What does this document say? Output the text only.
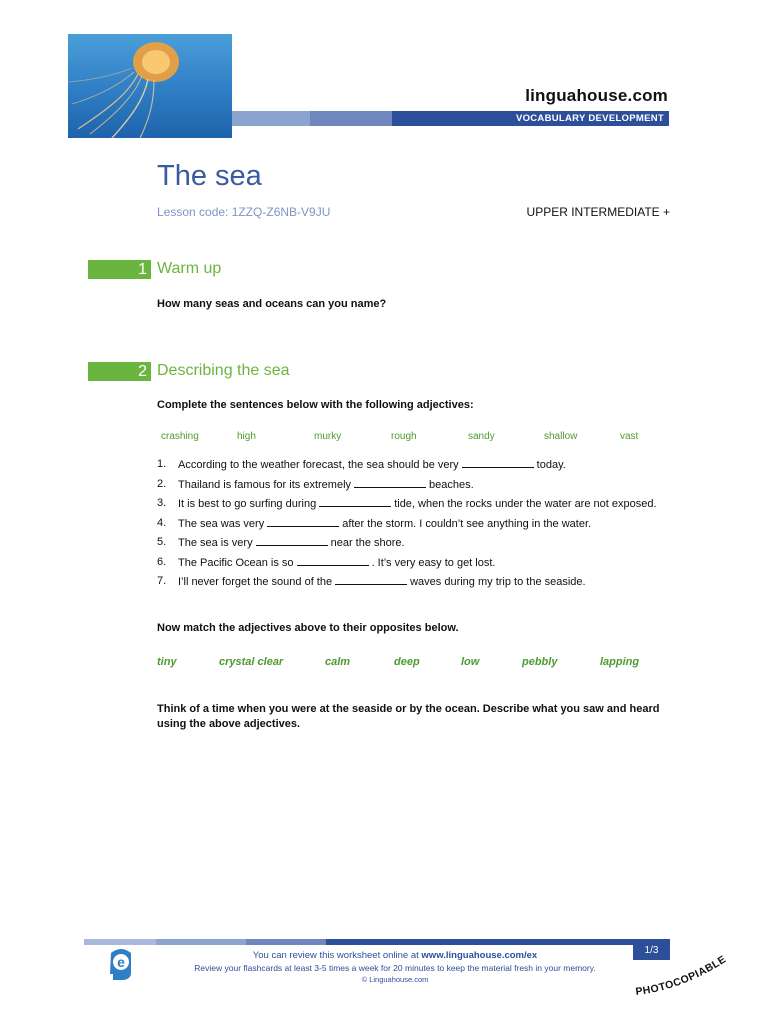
linguahouse.com
VOCABULARY DEVELOPMENT
The sea
Lesson code: 1ZZQ-Z6NB-V9JU	UPPER INTERMEDIATE +
1 Warm up
How many seas and oceans can you name?
2 Describing the sea
Complete the sentences below with the following adjectives:
crashing	high	murky	rough	sandy	shallow	vast
1.	According to the weather forecast, the sea should be very	today.
2.	Thailand is famous for its extremely	beaches.
3.	It is best to go surfing during	tide, when the rocks under the water are not exposed.
4.	The sea was very	after the storm. I couldn’t see anything in the water.
5.	The sea is very	near the shore.
6.	The Pacific Ocean is so	. It’s very easy to get lost.
7.	I’ll never forget the sound of the	waves during my trip to the seaside.
Now match the adjectives above to their opposites below.
tiny	crystal clear	calm	deep	low	pebbly	lapping
Think of a time when you were at the seaside or by the ocean. Describe what you saw and heard using the above adjectives.
e	You can review this worksheet online at www.linguahouse.com/ex
Review your flashcards at least 3-5 times a week for 20 minutes to keep the material fresh in your memory.
© Linguahouse.com
1/3
PHOTOCOPIABLE
